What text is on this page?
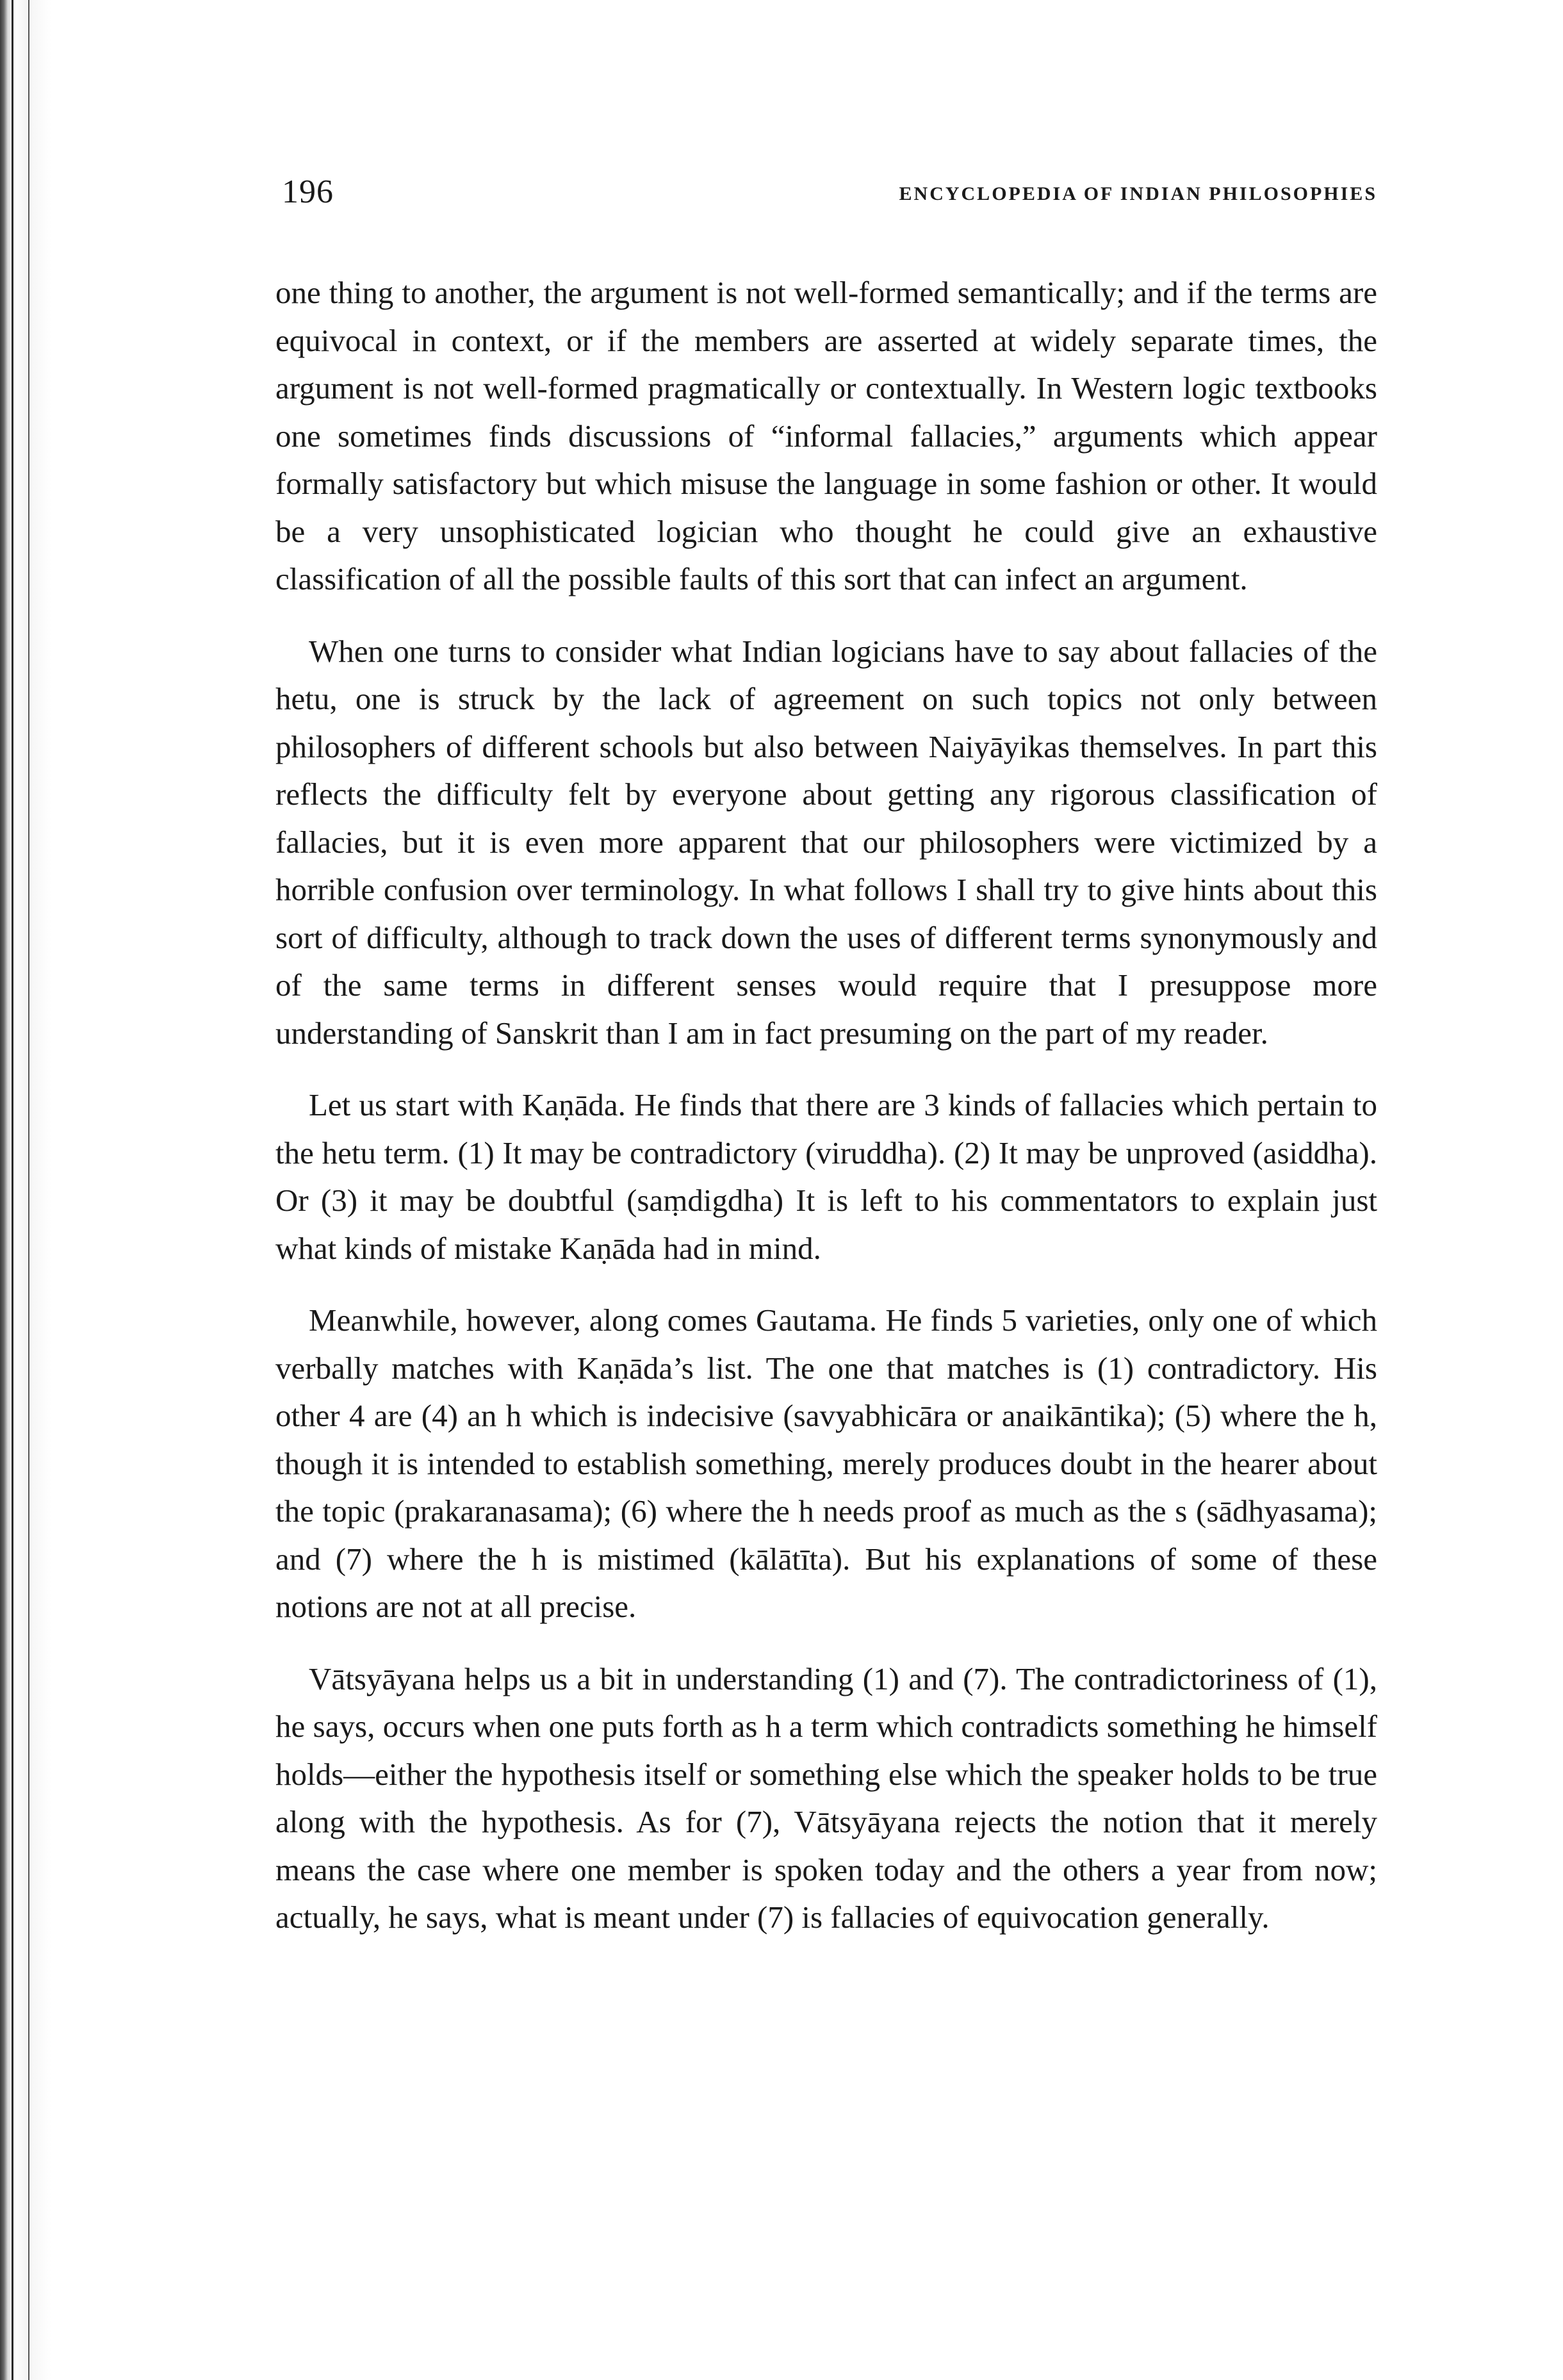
196	ENCYCLOPEDIA OF INDIAN PHILOSOPHIES

one thing to another, the argument is not well-formed semantically; and if the terms are equivocal in context, or if the members are asserted at widely separate times, the argument is not well-formed pragmatically or contextually. In Western logic textbooks one sometimes finds discussions of “informal fallacies,” arguments which appear formally satisfactory but which misuse the language in some fashion or other. It would be a very unsophisticated logician who thought he could give an exhaustive classification of all the possible faults of this sort that can infect an argument.

When one turns to consider what Indian logicians have to say about fallacies of the hetu, one is struck by the lack of agreement on such topics not only between philosophers of different schools but also between Naiyāyikas themselves. In part this reflects the difficulty felt by everyone about getting any rigorous classification of fallacies, but it is even more apparent that our philosophers were victimized by a horrible confusion over terminology. In what follows I shall try to give hints about this sort of difficulty, although to track down the uses of different terms synonymously and of the same terms in different senses would require that I presuppose more understanding of Sanskrit than I am in fact presuming on the part of my reader.

Let us start with Kaṇāda. He finds that there are 3 kinds of fallacies which pertain to the hetu term. (1) It may be contradictory (viruddha). (2) It may be unproved (asiddha). Or (3) it may be doubtful (saṃdigdha) It is left to his commentators to explain just what kinds of mistake Kaṇāda had in mind.

Meanwhile, however, along comes Gautama. He finds 5 varieties, only one of which verbally matches with Kaṇāda’s list. The one that matches is (1) contradictory. His other 4 are (4) an h which is indecisive (savyabhicāra or anaikāntika); (5) where the h, though it is intended to establish something, merely produces doubt in the hearer about the topic (prakaranasama); (6) where the h needs proof as much as the s (sādhyasama); and (7) where the h is mistimed (kālātīta). But his explanations of some of these notions are not at all precise.

Vātsyāyana helps us a bit in understanding (1) and (7). The contradictoriness of (1), he says, occurs when one puts forth as h a term which contradicts something he himself holds—either the hypothesis itself or something else which the speaker holds to be true along with the hypothesis. As for (7), Vātsyāyana rejects the notion that it merely means the case where one member is spoken today and the others a year from now; actually, he says, what is meant under (7) is fallacies of equivocation generally.
